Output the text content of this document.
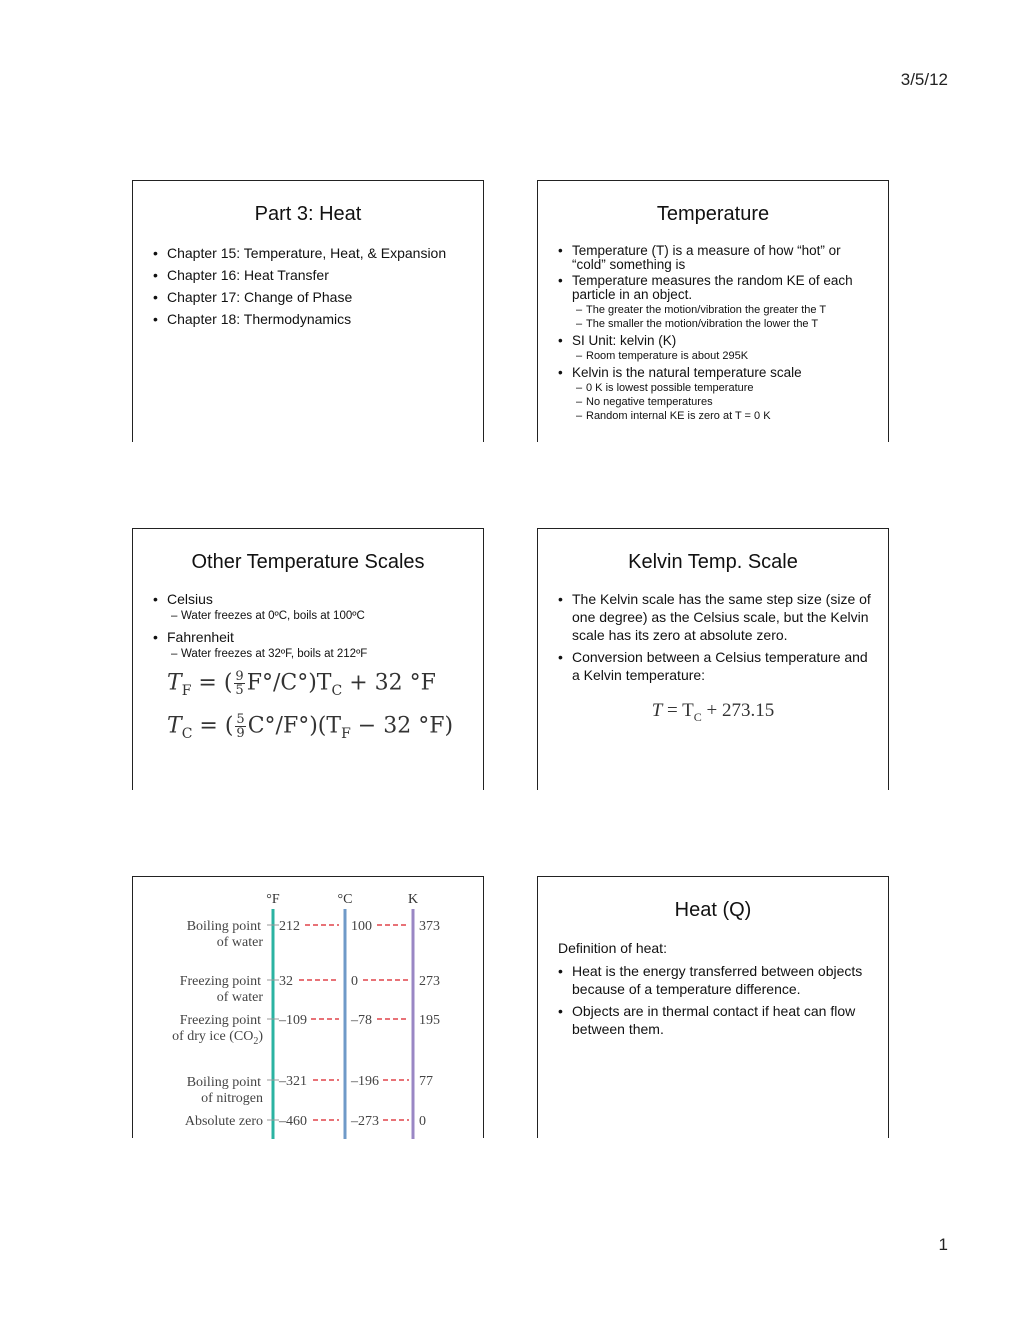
3/5/12
Part 3: Heat
• Chapter 15: Temperature, Heat, & Expansion
• Chapter 16: Heat Transfer
• Chapter 17: Change of Phase
• Chapter 18: Thermodynamics
Temperature
• Temperature (T) is a measure of how “hot” or “cold” something is
• Temperature measures the random KE of each particle in an object.
– The greater the motion/vibration the greater the T
– The smaller the motion/vibration the lower the T
• SI Unit: kelvin (K)
– Room temperature is about 295K
• Kelvin is the natural temperature scale
– 0 K is lowest possible temperature
– No negative temperatures
– Random internal KE is zero at T = 0 K
Other Temperature Scales
• Celsius
– Water freezes at 0ºC, boils at 100ºC
• Fahrenheit
– Water freezes at 32ºF, boils at 212ºF
$T_F$ = ( $\frac{9}{5} F^\circ/C^\circ)T_C + 32$ °F
$T_C$ = ( $\frac{5}{9} C^\circ/F^\circ)(T_F - 32$ °F)
Kelvin Temp. Scale
• The Kelvin scale has the same step size (size of one degree) as the Celsius scale, but the Kelvin scale has its zero at absolute zero.
• Conversion between a Celsius temperature and a Kelvin temperature:
$T = T_C + 273.15$
°F	°C	K
Boiling point
of water
212	100	373
Freezing point
of water
32	0	273
Freezing point
of dry ice $(CO_2)$
–109	–78	195
Boiling point
of nitrogen
–321	–196	77
Absolute zero –460	–273	0
Heat (Q)
Definition of heat:
• Heat is the energy transferred between objects because of a temperature difference.
• Objects are in thermal contact if heat can flow between them.
1
